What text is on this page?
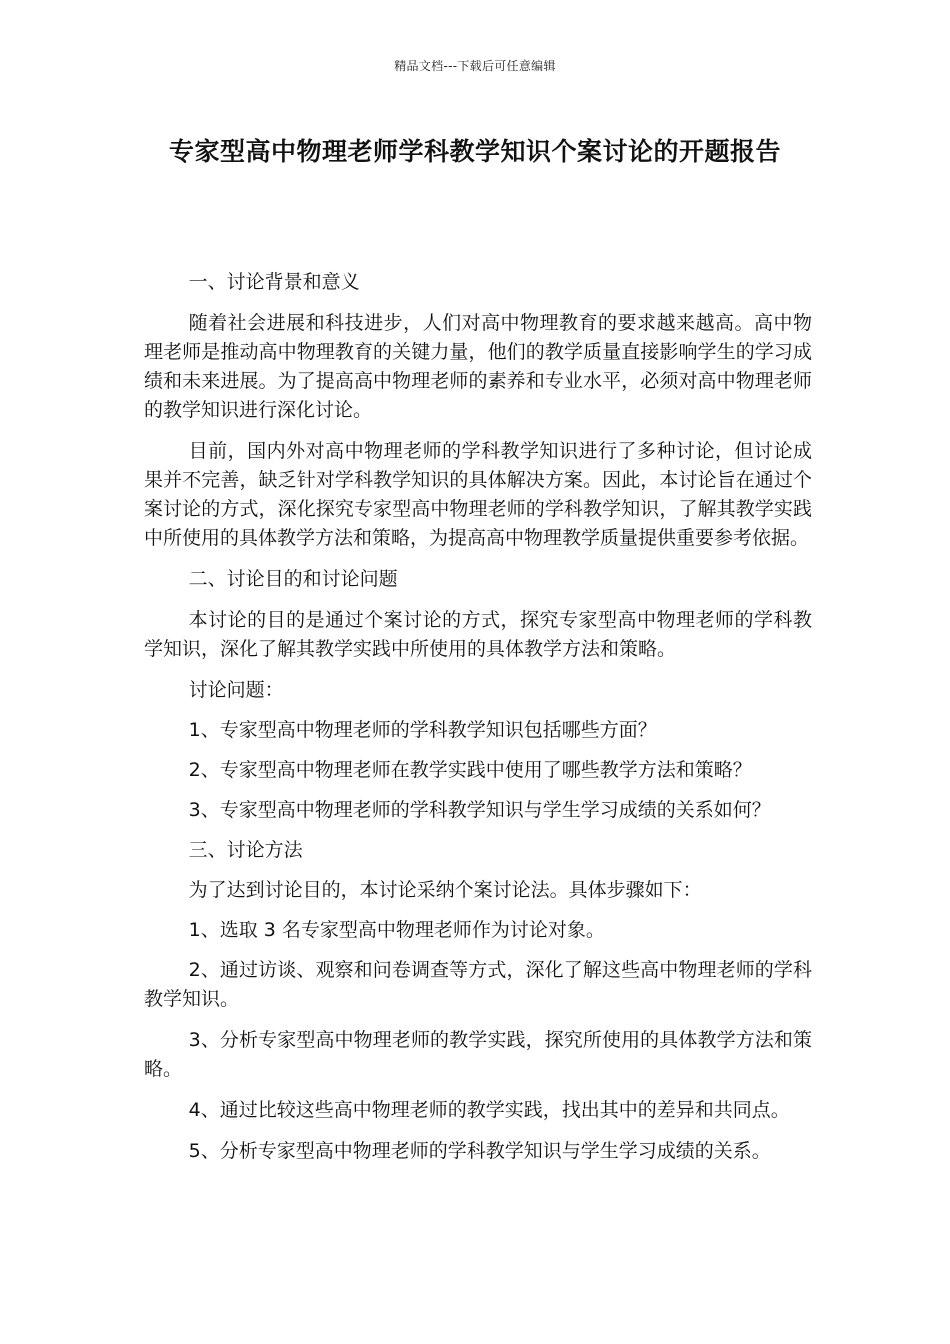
精品文档---下载后可任意编辑
专家型高中物理老师学科教学知识个案讨论的开题报告

一、讨论背景和意义

随着社会进展和科技进步，人们对高中物理教育的要求越来越高。高中物理老师是推动高中物理教育的关键力量，他们的教学质量直接影响学生的学习成绩和未来进展。为了提高高中物理老师的素养和专业水平，必须对高中物理老师的教学知识进行深化讨论。

目前，国内外对高中物理老师的学科教学知识进行了多种讨论，但讨论成果并不完善，缺乏针对学科教学知识的具体解决方案。因此，本讨论旨在通过个案讨论的方式，深化探究专家型高中物理老师的学科教学知识，了解其教学实践中所使用的具体教学方法和策略，为提高高中物理教学质量提供重要参考依据。

二、讨论目的和讨论问题

本讨论的目的是通过个案讨论的方式，探究专家型高中物理老师的学科教学知识，深化了解其教学实践中所使用的具体教学方法和策略。

讨论问题：

1、专家型高中物理老师的学科教学知识包括哪些方面？

2、专家型高中物理老师在教学实践中使用了哪些教学方法和策略？

3、专家型高中物理老师的学科教学知识与学生学习成绩的关系如何？

三、讨论方法

为了达到讨论目的，本讨论采纳个案讨论法。具体步骤如下：

1、选取 3 名专家型高中物理老师作为讨论对象。

2、通过访谈、观察和问卷调查等方式，深化了解这些高中物理老师的学科教学知识。

3、分析专家型高中物理老师的教学实践，探究所使用的具体教学方法和策略。

4、通过比较这些高中物理老师的教学实践，找出其中的差异和共同点。

5、分析专家型高中物理老师的学科教学知识与学生学习成绩的关系。
